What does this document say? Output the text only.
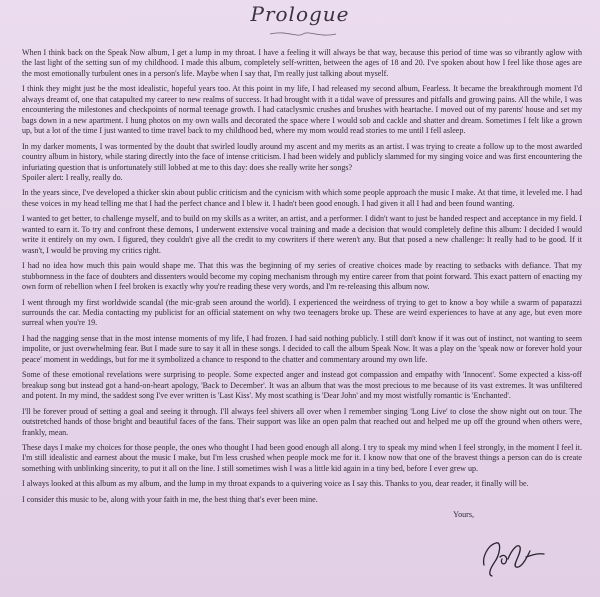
Prologue

When I think back on the Speak Now album, I get a lump in my throat. I have a feeling it will always be that way, because this period of time was so vibrantly aglow with the last light of the setting sun of my childhood. I made this album, completely self-written, between the ages of 18 and 20. I've spoken about how I feel like those ages are the most emotionally turbulent ones in a person's life. Maybe when I say that, I'm really just talking about myself.

I think they might just be the most idealistic, hopeful years too. At this point in my life, I had released my second album, Fearless. It became the breakthrough moment I'd always dreamt of, one that catapulted my career to new realms of success. It had brought with it a tidal wave of pressures and pitfalls and growing pains. All the while, I was encountering the milestones and checkpoints of normal teenage growth. I had cataclysmic crushes and brushes with heartache. I moved out of my parents' house and set my bags down in a new apartment. I hung photos on my own walls and decorated the space where I would sob and cackle and shatter and dream. Sometimes I felt like a grown up, but a lot of the time I just wanted to time travel back to my childhood bed, where my mom would read stories to me until I fell asleep.

In my darker moments, I was tormented by the doubt that swirled loudly around my ascent and my merits as an artist. I was trying to create a follow up to the most awarded country album in history, while staring directly into the face of intense criticism. I had been widely and publicly slammed for my singing voice and was first encountering the infuriating question that is unfortunately still lobbed at me to this day: does she really write her songs?

Spoiler alert: I really, really do.

In the years since, I've developed a thicker skin about public criticism and the cynicism with which some people approach the music I make. At that time, it leveled me. I had these voices in my head telling me that I had the perfect chance and I blew it. I hadn't been good enough. I had given it all I had and been found wanting.

I wanted to get better, to challenge myself, and to build on my skills as a writer, an artist, and a performer. I didn't want to just be handed respect and acceptance in my field. I wanted to earn it. To try and confront these demons, I underwent extensive vocal training and made a decision that would completely define this album: I decided I would write it entirely on my own. I figured, they couldn't give all the credit to my cowriters if there weren't any. But that posed a new challenge: It really had to be good. If it wasn't, I would be proving my critics right.

I had no idea how much this pain would shape me. That this was the beginning of my series of creative choices made by reacting to setbacks with defiance. That my stubbornness in the face of doubters and dissenters would become my coping mechanism through my entire career from that point forward. This exact pattern of enacting my own form of rebellion when I feel broken is exactly why you're reading these very words, and I'm re-releasing this album now.

I went through my first worldwide scandal (the mic-grab seen around the world). I experienced the weirdness of trying to get to know a boy while a swarm of paparazzi surrounds the car. Media contacting my publicist for an official statement on why two teenagers broke up. These are weird experiences to have at any age, but even more surreal when you're 19.

I had the nagging sense that in the most intense moments of my life, I had frozen. I had said nothing publicly. I still don't know if it was out of instinct, not wanting to seem impolite, or just overwhelming fear. But I made sure to say it all in these songs. I decided to call the album Speak Now. It was a play on the 'speak now or forever hold your peace' moment in weddings, but for me it symbolized a chance to respond to the chatter and commentary around my own life.

Some of these emotional revelations were surprising to people. Some expected anger and instead got compassion and empathy with 'Innocent'. Some expected a kiss-off breakup song but instead got a hand-on-heart apology, 'Back to December'. It was an album that was the most precious to me because of its vast extremes. It was unfiltered and potent. In my mind, the saddest song I've ever written is 'Last Kiss'. My most scathing is 'Dear John' and my most wistfully romantic is 'Enchanted'.

I'll be forever proud of setting a goal and seeing it through. I'll always feel shivers all over when I remember singing 'Long Live' to close the show night out on tour. The outstretched hands of those bright and beautiful faces of the fans. Their support was like an open palm that reached out and helped me up off the ground when others were, frankly, mean.

These days I make my choices for those people, the ones who thought I had been good enough all along. I try to speak my mind when I feel strongly, in the moment I feel it. I'm still idealistic and earnest about the music I make, but I'm less crushed when people mock me for it. I know now that one of the bravest things a person can do is create something with unblinking sincerity, to put it all on the line. I still sometimes wish I was a little kid again in a tiny bed, before I ever grew up.

I always looked at this album as my album, and the lump in my throat expands to a quivering voice as I say this. Thanks to you, dear reader, it finally will be.

I consider this music to be, along with your faith in me, the best thing that's ever been mine.

Yours,
